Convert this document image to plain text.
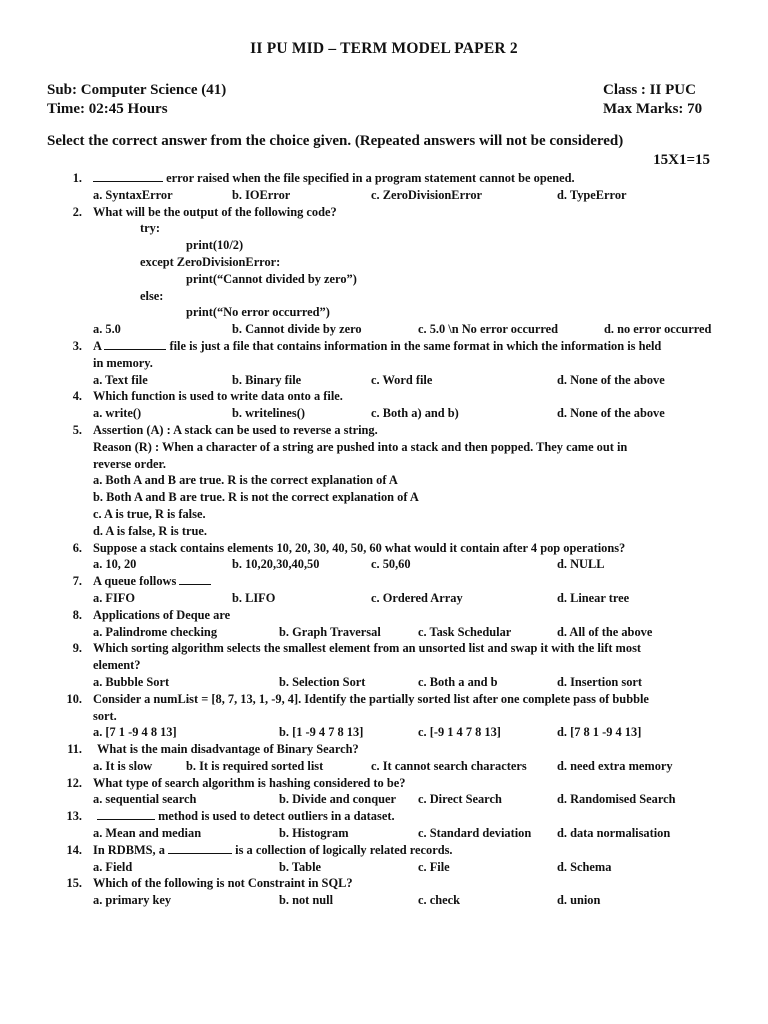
II PU MID – TERM MODEL PAPER 2
Sub: Computer Science (41)
Time: 02:45 Hours
Class : II PUC
Max Marks: 70
Select the correct answer from the choice given. (Repeated answers will not be considered)
15X1=15
1.	error raised when the file specified in a program statement cannot be opened.
a. SyntaxError	b. IOError	c. ZeroDivisionError	d. TypeError
2. What will be the output of the following code?
try:
print(10/2)
except ZeroDivisionError:
print(“Cannot divided by zero”)
else:
print(“No error occurred”)
a. 5.0	b. Cannot divide by zero	c. 5.0 \n No error occurred	d. no error occurred
3. A	file is just a file that contains information in the same format in which the information is held
in memory.
a. Text file	b. Binary file	c. Word file	d. None of the above
4. Which function is used to write data onto a file.
a. write()	b. writelines()	c. Both a) and b)	d. None of the above
5. Assertion (A) : A stack can be used to reverse a string.
Reason (R) : When a character of a string are pushed into a stack and then popped. They came out in
reverse order.
a. Both A and B are true. R is the correct explanation of A
b. Both A and B are true. R is not the correct explanation of A
c. A is true, R is false.
d. A is false, R is true.
6. Suppose a stack contains elements 10, 20, 30, 40, 50, 60 what would it contain after 4 pop operations?
a. 10, 20	b. 10,20,30,40,50	c. 50,60	d. NULL
7. A queue follows
a. FIFO	b. LIFO	c. Ordered Array	d. Linear tree
8. Applications of Deque are
a. Palindrome checking	b. Graph Traversal	c. Task Schedular	d. All of the above
9. Which sorting algorithm selects the smallest element from an unsorted list and swap it with the lift most
element?
a. Bubble Sort	b. Selection Sort	c. Both a and b	d. Insertion sort
10. Consider a numList = [8, 7, 13, 1, -9, 4]. Identify the partially sorted list after one complete pass of bubble
sort.
a. [7 1 -9 4 8 13]	b. [1 -9 4 7 8 13]	c. [-9 1 4 7 8 13]	d. [7 8 1 -9 4 13]
11. What is the main disadvantage of Binary Search?
a. It is slow	b. It is required sorted list	c. It cannot search characters d. need extra memory
12. What type of search algorithm is hashing considered to be?
a. sequential search	b. Divide and conquer c. Direct Search	d. Randomised Search
13.	method is used to detect outliers in a dataset.
a. Mean and median	b. Histogram	c. Standard deviation d. data normalisation
14. In RDBMS, a	is a collection of logically related records.
a. Field	b. Table	c. File	d. Schema
15. Which of the following is not Constraint in SQL?
a. primary key	b. not null	c. check	d. union
